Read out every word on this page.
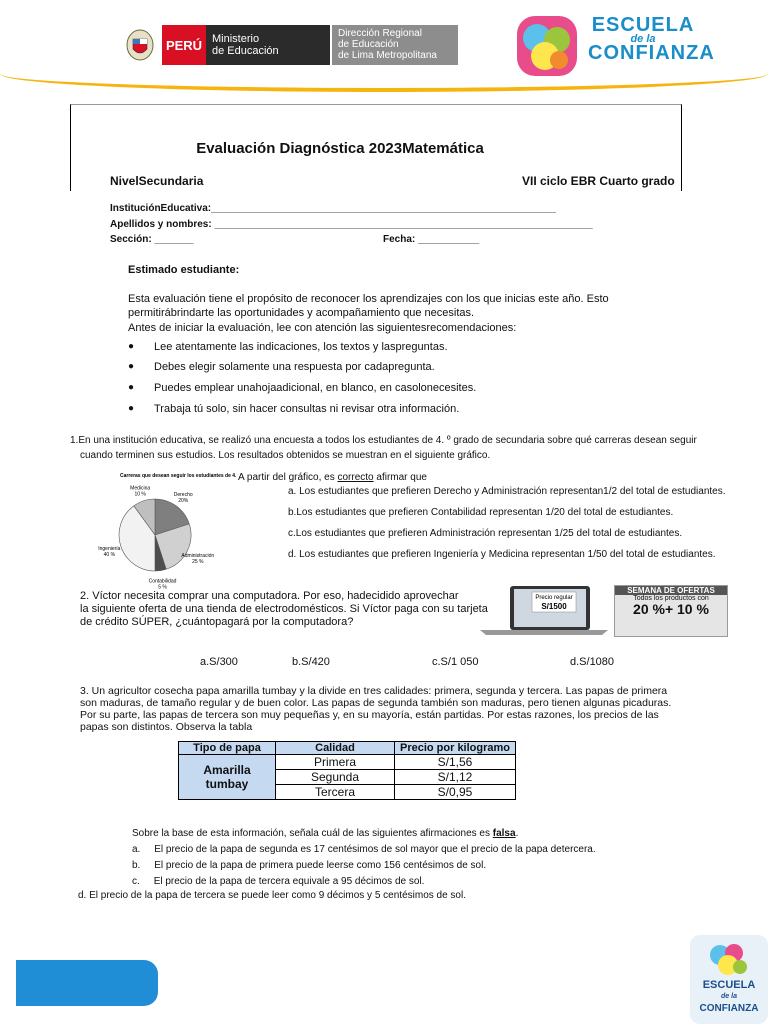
PERÚ Ministerio
de Educación
Dirección Regional
de Educación
de Lima Metropolitana
ESCUELA
de la
CONFIANZA
Evaluación Diagnóstica 2023Matemática
NivelSecundaria	VII ciclo EBR Cuarto grado
InstituciónEducativa:______________________________________________________________
Apellidos y nombres: ____________________________________________________________________
Sección: _______	Fecha: ___________
Estimado estudiante:
Esta evaluación tiene el propósito de reconocer los aprendizajes con los que inicias este año. Esto permitirábrindarte las oportunidades y acompañamiento que necesitas.
Antes de iniciar la evaluación, lee con atención las siguientesrecomendaciones:
● Lee atentamente las indicaciones, los textos y laspreguntas.
● Debes elegir solamente una respuesta por cadapregunta.
● Puedes emplear unahojaadicional, en blanco, en casolonecesites.
● Trabaja tú solo, sin hacer consultas ni revisar otra información.
1.En una institución educativa, se realizó una encuesta a todos los estudiantes de 4. º grado de secundaria sobre qué carreras desean seguir
cuando terminen sus estudios. Los resultados obtenidos se muestran en el siguiente gráfico.
Carreras que desean seguir los estudiantes de 4.
Derecho 20%
Administración 25 %
Contabilidad 5 %
Ingeniería 40 %
Medicina 10 %
A partir del gráfico, es correcto afirmar que
a. Los estudiantes que prefieren Derecho y Administración representan1/2 del total de estudiantes.
b.Los estudiantes que prefieren Contabilidad representan 1/20 del total de estudiantes.
c.Los estudiantes que prefieren Administración representan 1/25 del total de estudiantes.
d. Los estudiantes que prefieren Ingeniería y Medicina representan 1/50 del total de estudiantes.
2. Víctor necesita comprar una computadora. Por eso, hadecidido aprovechar
la siguiente oferta de una tienda de electrodomésticos. Si Víctor paga con su tarjeta
de crédito SÚPER, ¿cuántopagará por la computadora?
Precio regular
S/1500
SEMANA DE OFERTAS
Todos los productos con
20 %+ 10 %
a.S/300	b.S/420	c.S/1 050	d.S/1080
3. Un agricultor cosecha papa amarilla tumbay y la divide en tres calidades: primera, segunda y tercera. Las papas de primera son maduras, de tamaño regular y de buen color. Las papas de segunda también son maduras, pero tienen algunas picaduras. Por su parte, las papas de tercera son muy pequeñas y, en su mayoría, están partidas. Por estas razones, los precios de las papas son distintos. Observa la tabla
Tipo de papa	Calidad	Precio por kilogramo
Amarilla tumbay	Primera	S/1,56
	Segunda	S/1,12
	Tercera	S/0,95
Sobre la base de esta información, señala cuál de las siguientes afirmaciones es falsa.
a. El precio de la papa de segunda es 17 centésimos de sol mayor que el precio de la papa detercera.
b. El precio de la papa de primera puede leerse como 156 centésimos de sol.
c. El precio de la papa de tercera equivale a 95 décimos de sol.
d. El precio de la papa de tercera se puede leer como 9 décimos y 5 centésimos de sol.
ESCUELA
de la
CONFIANZA
